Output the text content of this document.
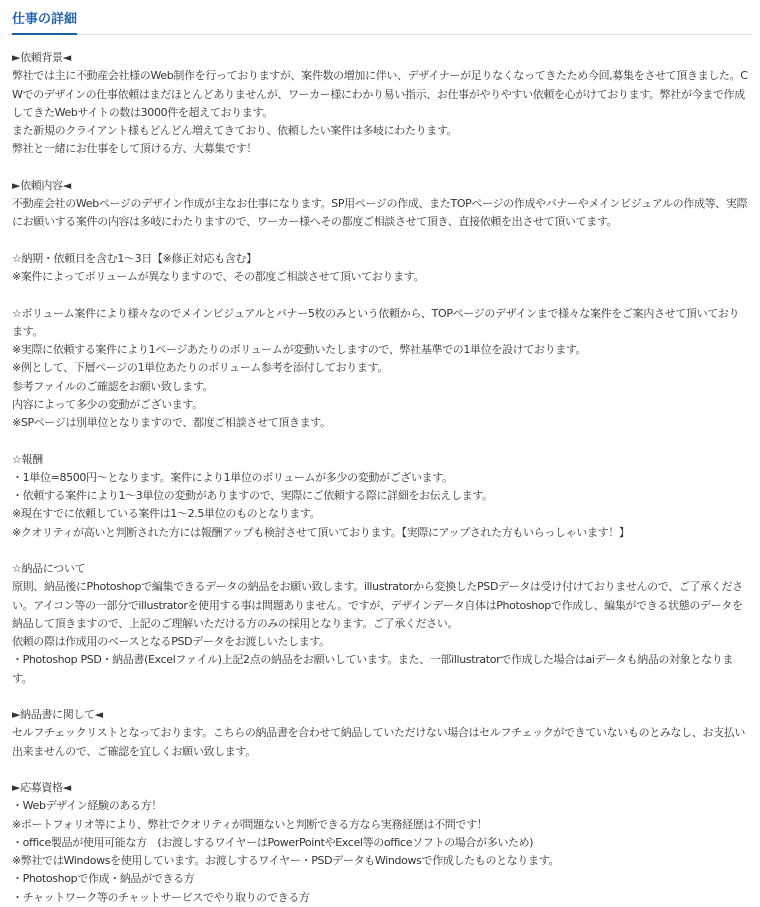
仕事の詳細
►依頼背景◄
弊社では主に不動産会社様のWeb制作を行っておりますが、案件数の増加に伴い、デザイナーが足りなくなってきたため今回,募集をさせて頂きました。CWでのデザインの仕事依頼はまだほとんどありませんが、ワーカー様にわかり易い指示、お仕事がやりやすい依頼を心がけております。弊社が今まで作成してきたWebサイトの数は3000件を超えております。
また新規のクライアント様もどんどん増えてきており、依頼したい案件は多岐にわたります。
弊社と一緒にお仕事をして頂ける方、大募集です！
►依頼内容◄
不動産会社のWebページのデザイン作成が主なお仕事になります。SP用ページの作成、またTOPページの作成やバナーやメインビジュアルの作成等、実際にお願いする案件の内容は多岐にわたりますので、ワーカー様へその都度ご相談させて頂き、直接依頼を出させて頂いてます。
☆納期・依頼日を含む1～3日【※修正対応も含む】
※案件によってボリュームが異なりますので、その都度ご相談させて頂いております。
☆ボリューム案件により様々なのでメインビジュアルとバナー5枚のみという依頼から、TOPページのデザインまで様々な案件をご案内させて頂いております。
※実際に依頼する案件により1ページあたりのボリュームが変動いたしますので、弊社基準での1単位を設けております。
※例として、下層ページの1単位あたりのボリューム参考を添付しております。
参考ファイルのご確認をお願い致します。
内容によって多少の変動がございます。
※SPページは別単位となりますので、都度ご相談させて頂きます。
☆報酬
・1単位=8500円～となります。案件により1単位のボリュームが多少の変動がございます。
・依頼する案件により1～3単位の変動がありますので、実際にご依頼する際に詳細をお伝えします。
※現在すでに依頼している案件は1～2.5単位のものとなります。
※クオリティが高いと判断された方には報酬アップも検討させて頂いております。【実際にアップされた方もいらっしゃいます！】
☆納品について
原則、納品後にPhotoshopで編集できるデータの納品をお願い致します。illustratorから変換したPSDデータは受け付けておりませんので、ご了承ください。アイコン等の一部分でillustratorを使用する事は問題ありません。ですが、デザインデータ自体はPhotoshopで作成し、編集ができる状態のデータを納品して頂きますので、上記のご理解いただける方のみの採用となります。ご了承ください。
依頼の際は作成用のベースとなるPSDデータをお渡しいたします。
・Photoshop PSD・納品書(Excelファイル)上記2点の納品をお願いしています。また、一部illustratorで作成した場合はaiデータも納品の対象となります。
►納品書に関して◄
セルフチェックリストとなっております。こちらの納品書を合わせて納品していただけない場合はセルフチェックができていないものとみなし、お支払い出来ませんので、ご確認を宜しくお願い致します。
►応募資格◄
・Webデザイン経験のある方！
※ポートフォリオ等により、弊社でクオリティが問題ないと判断できる方なら実務経歴は不問です！
・office製品が使用可能な方　(お渡しするワイヤーはPowerPointやExcel等のofficeソフトの場合が多いため)
※弊社ではWindowsを使用しています。お渡しするワイヤー・PSDデータもWindowsで作成したものとなります。
・Photoshopで作成・納品ができる方
・チャットワーク等のチャットサービスでやり取りのできる方
